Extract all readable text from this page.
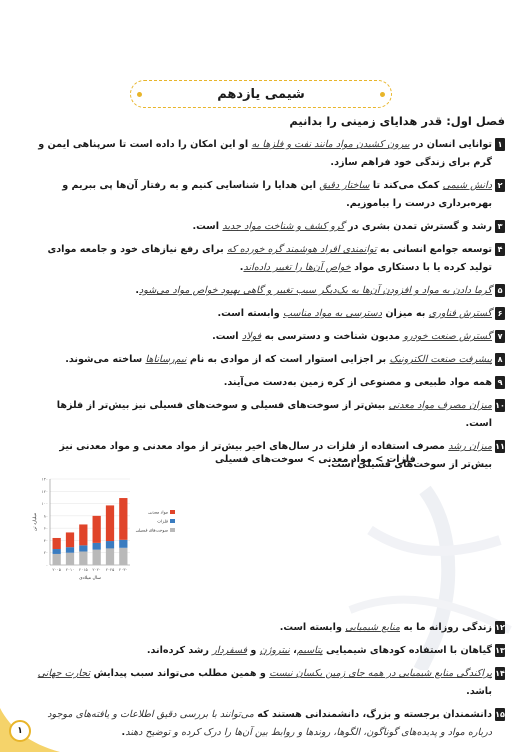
شیمی یازدهم
فصل اول: قدر هدایای زمینی را بدانیم
۱
توانایی انسان در بیرون کشیدن مواد مانند نفت و فلزها به او این امکان را داده است تا سرپناهی ایمن و گرم برای زندگی خود فراهم سازد.
۲
دانش شیمی کمک می‌کند تا ساختار دقیق این هدایا را شناسایی کنیم و به رفتار آن‌ها پی ببریم و بهره‌برداری درست را بیاموزیم.
۳
رشد و گسترش تمدن بشری در گرو کشف و شناخت مواد جدید است.
۴
توسعه جوامع انسانی به توانمندی افراد هوشمند گره خورده که برای رفع نیازهای خود و جامعه موادی تولید کرده یا با دستکاری مواد خواص آن‌ها را تغییر داده‌اند.
۵
گرما دادن به مواد و افزودن آن‌ها به یک‌دیگر سبب تغییر و گاهی بهبود خواص مواد می‌شود.
۶
گسترش فناوری به میزان دسترسی به مواد مناسب وابسته است.
۷
گسترش صنعت خودرو مدیون شناخت و دسترسی به فولاد است.
۸
پیشرفت صنعت الکترونیک بر اجزایی استوار است که از موادی به نام نیم‌رساناها ساخته می‌شوند.
۹
همه مواد طبیعی و مصنوعی از کره زمین به‌دست می‌آیند.
۱۰
میزان مصرف مواد معدنی بیش‌تر از سوخت‌های فسیلی و سوخت‌های فسیلی نیز بیش‌تر از فلزها است.
۱۱
میزان رشد مصرف استفاده از فلزات در سال‌های اخیر بیش‌تر از مواد معدنی و مواد معدنی نیز بیش‌تر از سوخت‌های فسیلی است.
۱۲
زندگی روزانه ما به منابع شیمیایی وابسته است.
۱۳
گیاهان با استفاده کودهای شیمیایی پتاسیم، نیتروژن و فسفردار رشد کرده‌اند.
۱۴
پراکندگی منابع شیمیایی در همه جای زمین یکسان نیست و همین مطلب می‌تواند سبب پیدایش تجارت جهانی باشد.
۱۵
دانشمندان برجسته و بزرگ، دانشمندانی هستند که می‌توانند با بررسی دقیق اطلاعات و یافته‌های موجود درباره مواد و پدیده‌های گوناگون، الگوها، روندها و روابط بین آن‌ها را درک کرده و توضیح دهند.
فلزات > مواد معدنی > سوخت‌های فسیلی
۰
۲۰
۴۰
۶۰
۸۰
۱۰۰
۱۲۰
۱۴۰
۲۰۰۵ ۲۰۱۰ ۲۰۱۵ ۲۰۲۰ ۲۰۲۵ ۲۰۳۰
سال میلادی
میلیارد تن
مواد معدنی
فلزات
سوخت‌های فسیلی
۱
